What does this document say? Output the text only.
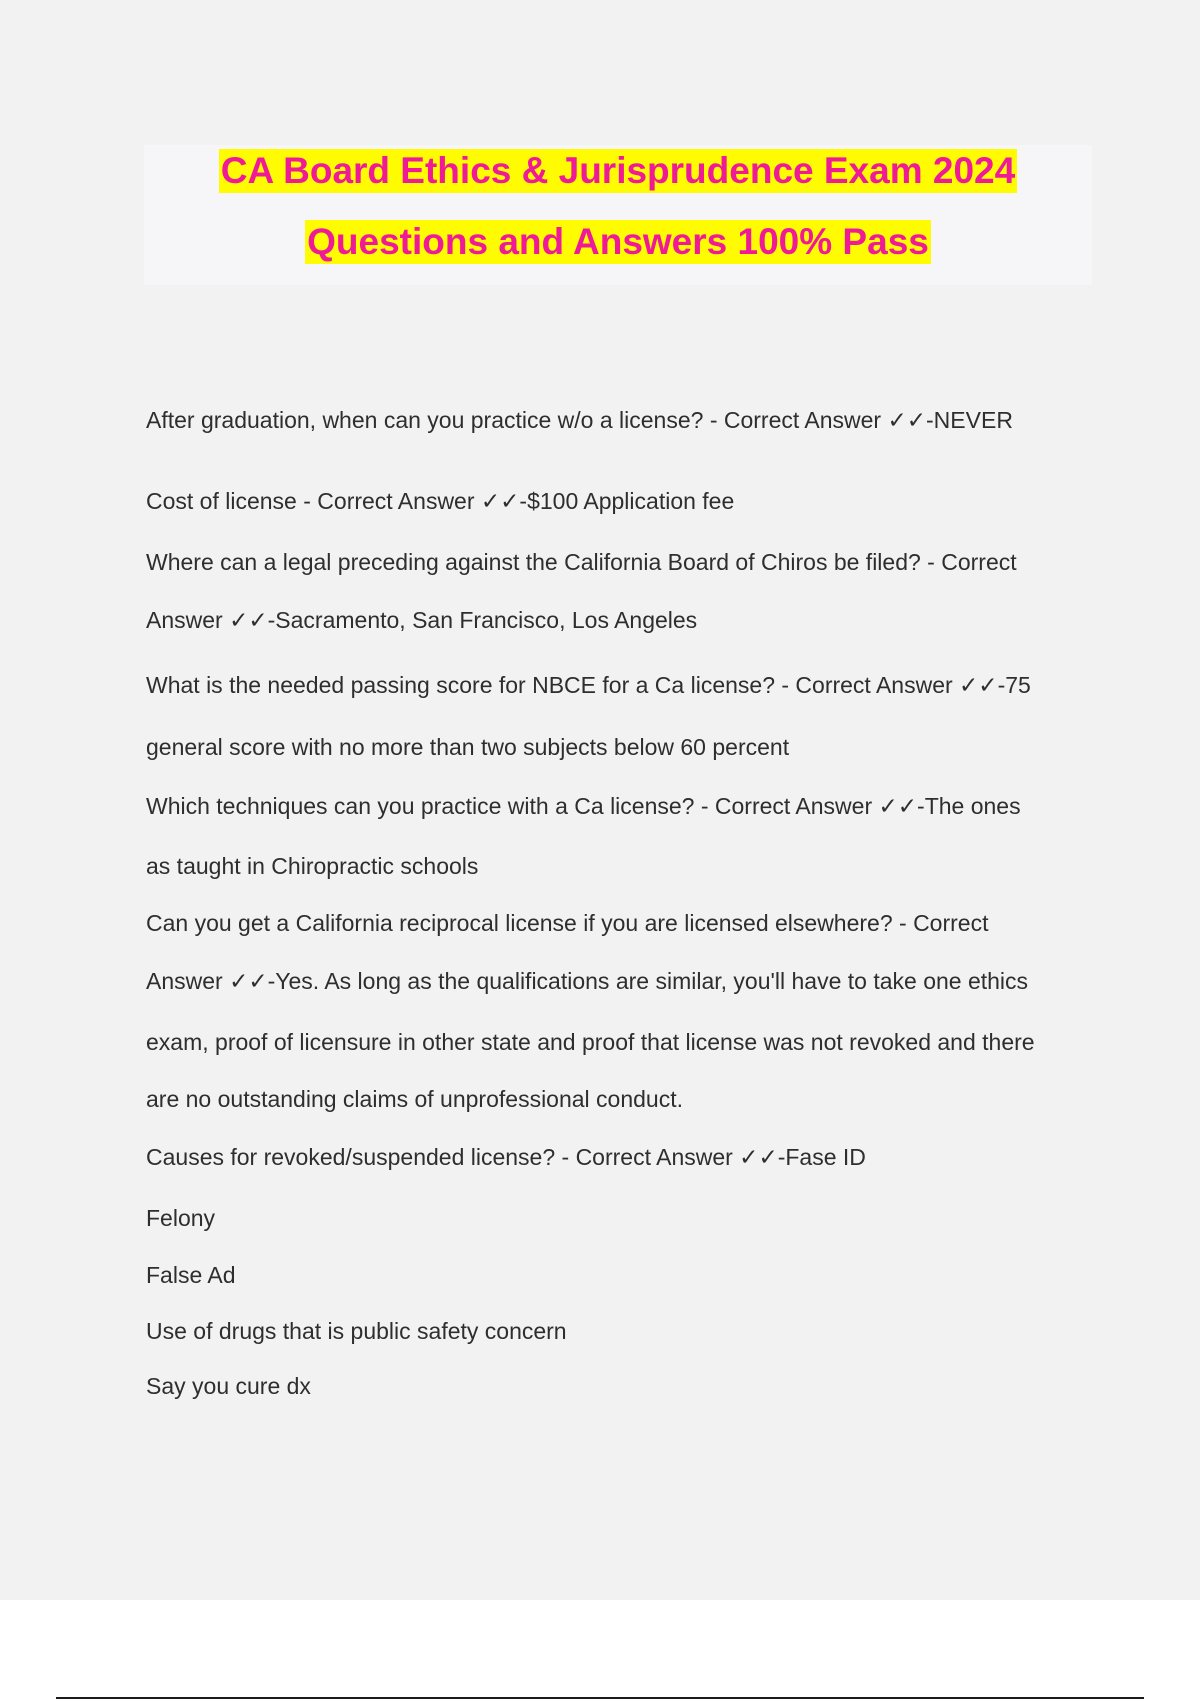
CA Board Ethics & Jurisprudence Exam 2024
Questions and Answers 100% Pass
After graduation, when can you practice w/o a license? - Correct Answer ✓✓-NEVER
Cost of license - Correct Answer ✓✓-$100 Application fee
Where can a legal preceding against the California Board of Chiros be filed? - Correct
Answer ✓✓-Sacramento, San Francisco, Los Angeles
What is the needed passing score for NBCE for a Ca license? - Correct Answer ✓✓-75
general score with no more than two subjects below 60 percent
Which techniques can you practice with a Ca license? - Correct Answer ✓✓-The ones
as taught in Chiropractic schools
Can you get a California reciprocal license if you are licensed elsewhere? - Correct
Answer ✓✓-Yes. As long as the qualifications are similar, you'll have to take one ethics
exam, proof of licensure in other state and proof that license was not revoked and there
are no outstanding claims of unprofessional conduct.
Causes for revoked/suspended license? - Correct Answer ✓✓-Fase ID
Felony
False Ad
Use of drugs that is public safety concern
Say you cure dx
